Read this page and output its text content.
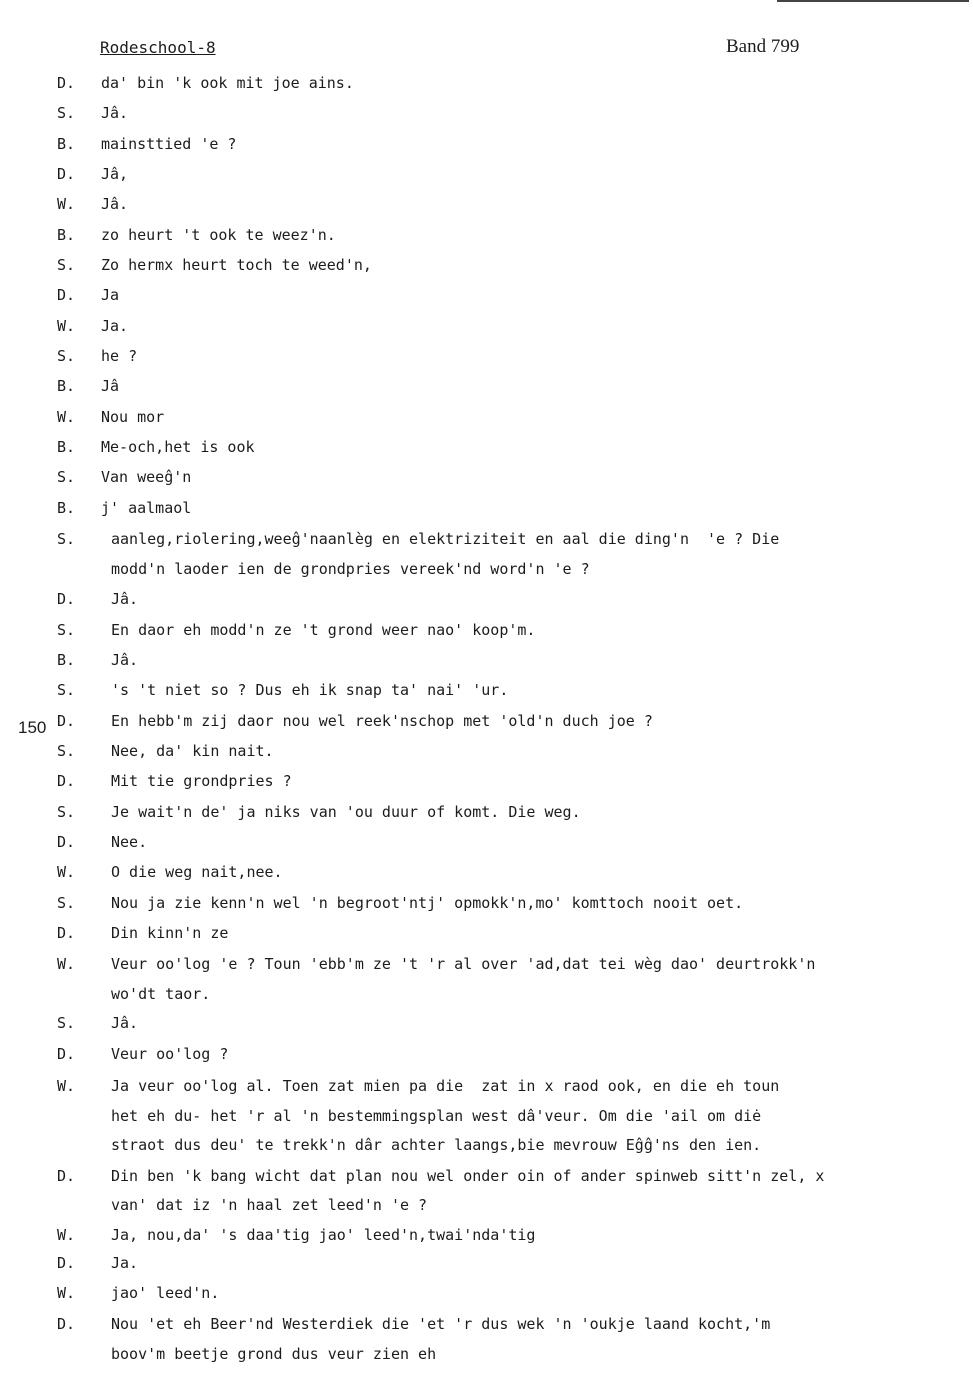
Rodeschool-8	Band 799
150
D. da' bin 'k ook mit joe ains.
S. Jâ.
B. mainsttied 'e ?
D. Jâ,
W. Jâ.
B. zo heurt 't ook te weez'n.
S. Zo hermx heurt toch te weed'n,
D. Ja
W. Ja.
S. he ?
B. Jâ
W. Nou mor
B. Me-och,het is ook
S. Van weeĝ'n
B. j' aalmaol
S. aanleg,riolering,weeĝ'naanlèg en elektriziteit en aal die ding'n  'e ? Die
modd'n laoder ien de grondpries vereek'nd word'n 'e ?
D. Jâ.
S. En daor eh modd'n ze 't grond weer nao' koop'm.
B. Jâ.
S. 's 't niet so ? Dus eh ik snap ta' nai' 'ur.
D. En hebb'm zij daor nou wel reek'nschop met 'old'n duch joe ?
S. Nee, da' kin nait.
D. Mit tie grondpries ?
S. Je wait'n de' ja niks van 'ou duur of komt. Die weg.
D. Nee.
W. O die weg nait,nee.
S. Nou ja zie kenn'n wel 'n begroot'ntj' opmokk'n,mo' komttoch nooit oet.
D. Din kinn'n ze
W. Veur oo'log 'e ? Toun 'ebb'm ze 't 'r al over 'ad,dat tei wèg dao' deurtrokk'n
wo'dt taor.
S. Jâ.
D. Veur oo'log ?
W. Ja veur oo'log al. Toen zat mien pa die  zat in x raod ook, en die eh toun
het eh du- het 'r al 'n bestemmingsplan west dâ'veur. Om die 'ail om diė
straot dus deu' te trekk'n dâr achter laangs,bie mevrouw Eĝĝ'ns den ien.
D. Din ben 'k bang wicht dat plan nou wel onder oin of ander spinweb sitt'n zel, x
van' dat iz 'n haal zet leed'n 'e ?
W. Ja, nou,da' 's daa'tig jao' leed'n,twai'nda'tig
D. Ja.
W. jao' leed'n.
D. Nou 'et eh Beer'nd Westerdiek die 'et 'r dus wek 'n 'oukje laand kocht,'m
boov'm beetje grond dus veur zien eh
